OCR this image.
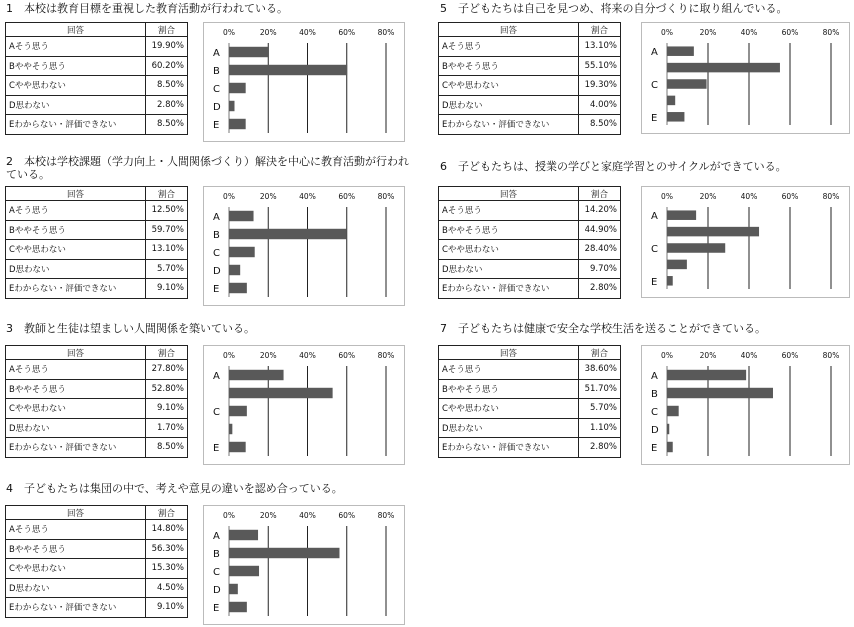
1　本校は教育目標を重視した教育活動が行われている。
回答	割合
Aそう思う	19.90%
Bややそう思う	60.20%
Cやや思わない	8.50%
D思わない	2.80%
Eわからない・評価できない	8.50%
0%	20%	40%	60%	80%
A
B
C
D
E
2　本校は学校課題（学力向上・人間関係づくり）解決を中心に教育活動が行われている。
回答	割合
Aそう思う	12.50%
Bややそう思う	59.70%
Cやや思わない	13.10%
D思わない	5.70%
Eわからない・評価できない	9.10%
0%	20%	40%	60%	80%
A
B
C
D
E
3　教師と生徒は望ましい人間関係を築いている。
回答	割合
Aそう思う	27.80%
Bややそう思う	52.80%
Cやや思わない	9.10%
D思わない	1.70%
Eわからない・評価できない	8.50%
0%	20%	40%	60%	80%
A
C
E
4　子どもたちは集団の中で、考えや意見の違いを認め合っている。
回答	割合
Aそう思う	14.80%
Bややそう思う	56.30%
Cやや思わない	15.30%
D思わない	4.50%
Eわからない・評価できない	9.10%
0%	20%	40%	60%	80%
A
B
C
D
E
5　子どもたちは自己を見つめ、将来の自分づくりに取り組んでいる。
回答	割合
Aそう思う	13.10%
Bややそう思う	55.10%
Cやや思わない	19.30%
D思わない	4.00%
Eわからない・評価できない	8.50%
0%	20%	40%	60%	80%
A
C
E
6　子どもたちは、授業の学びと家庭学習とのサイクルができている。
回答	割合
Aそう思う	14.20%
Bややそう思う	44.90%
Cやや思わない	28.40%
D思わない	9.70%
Eわからない・評価できない	2.80%
0%	20%	40%	60%	80%
A
C
E
7　子どもたちは健康で安全な学校生活を送ることができている。
回答	割合
Aそう思う	38.60%
Bややそう思う	51.70%
Cやや思わない	5.70%
D思わない	1.10%
Eわからない・評価できない	2.80%
0%	20%	40%	60%	80%
A
B
C
D
E
